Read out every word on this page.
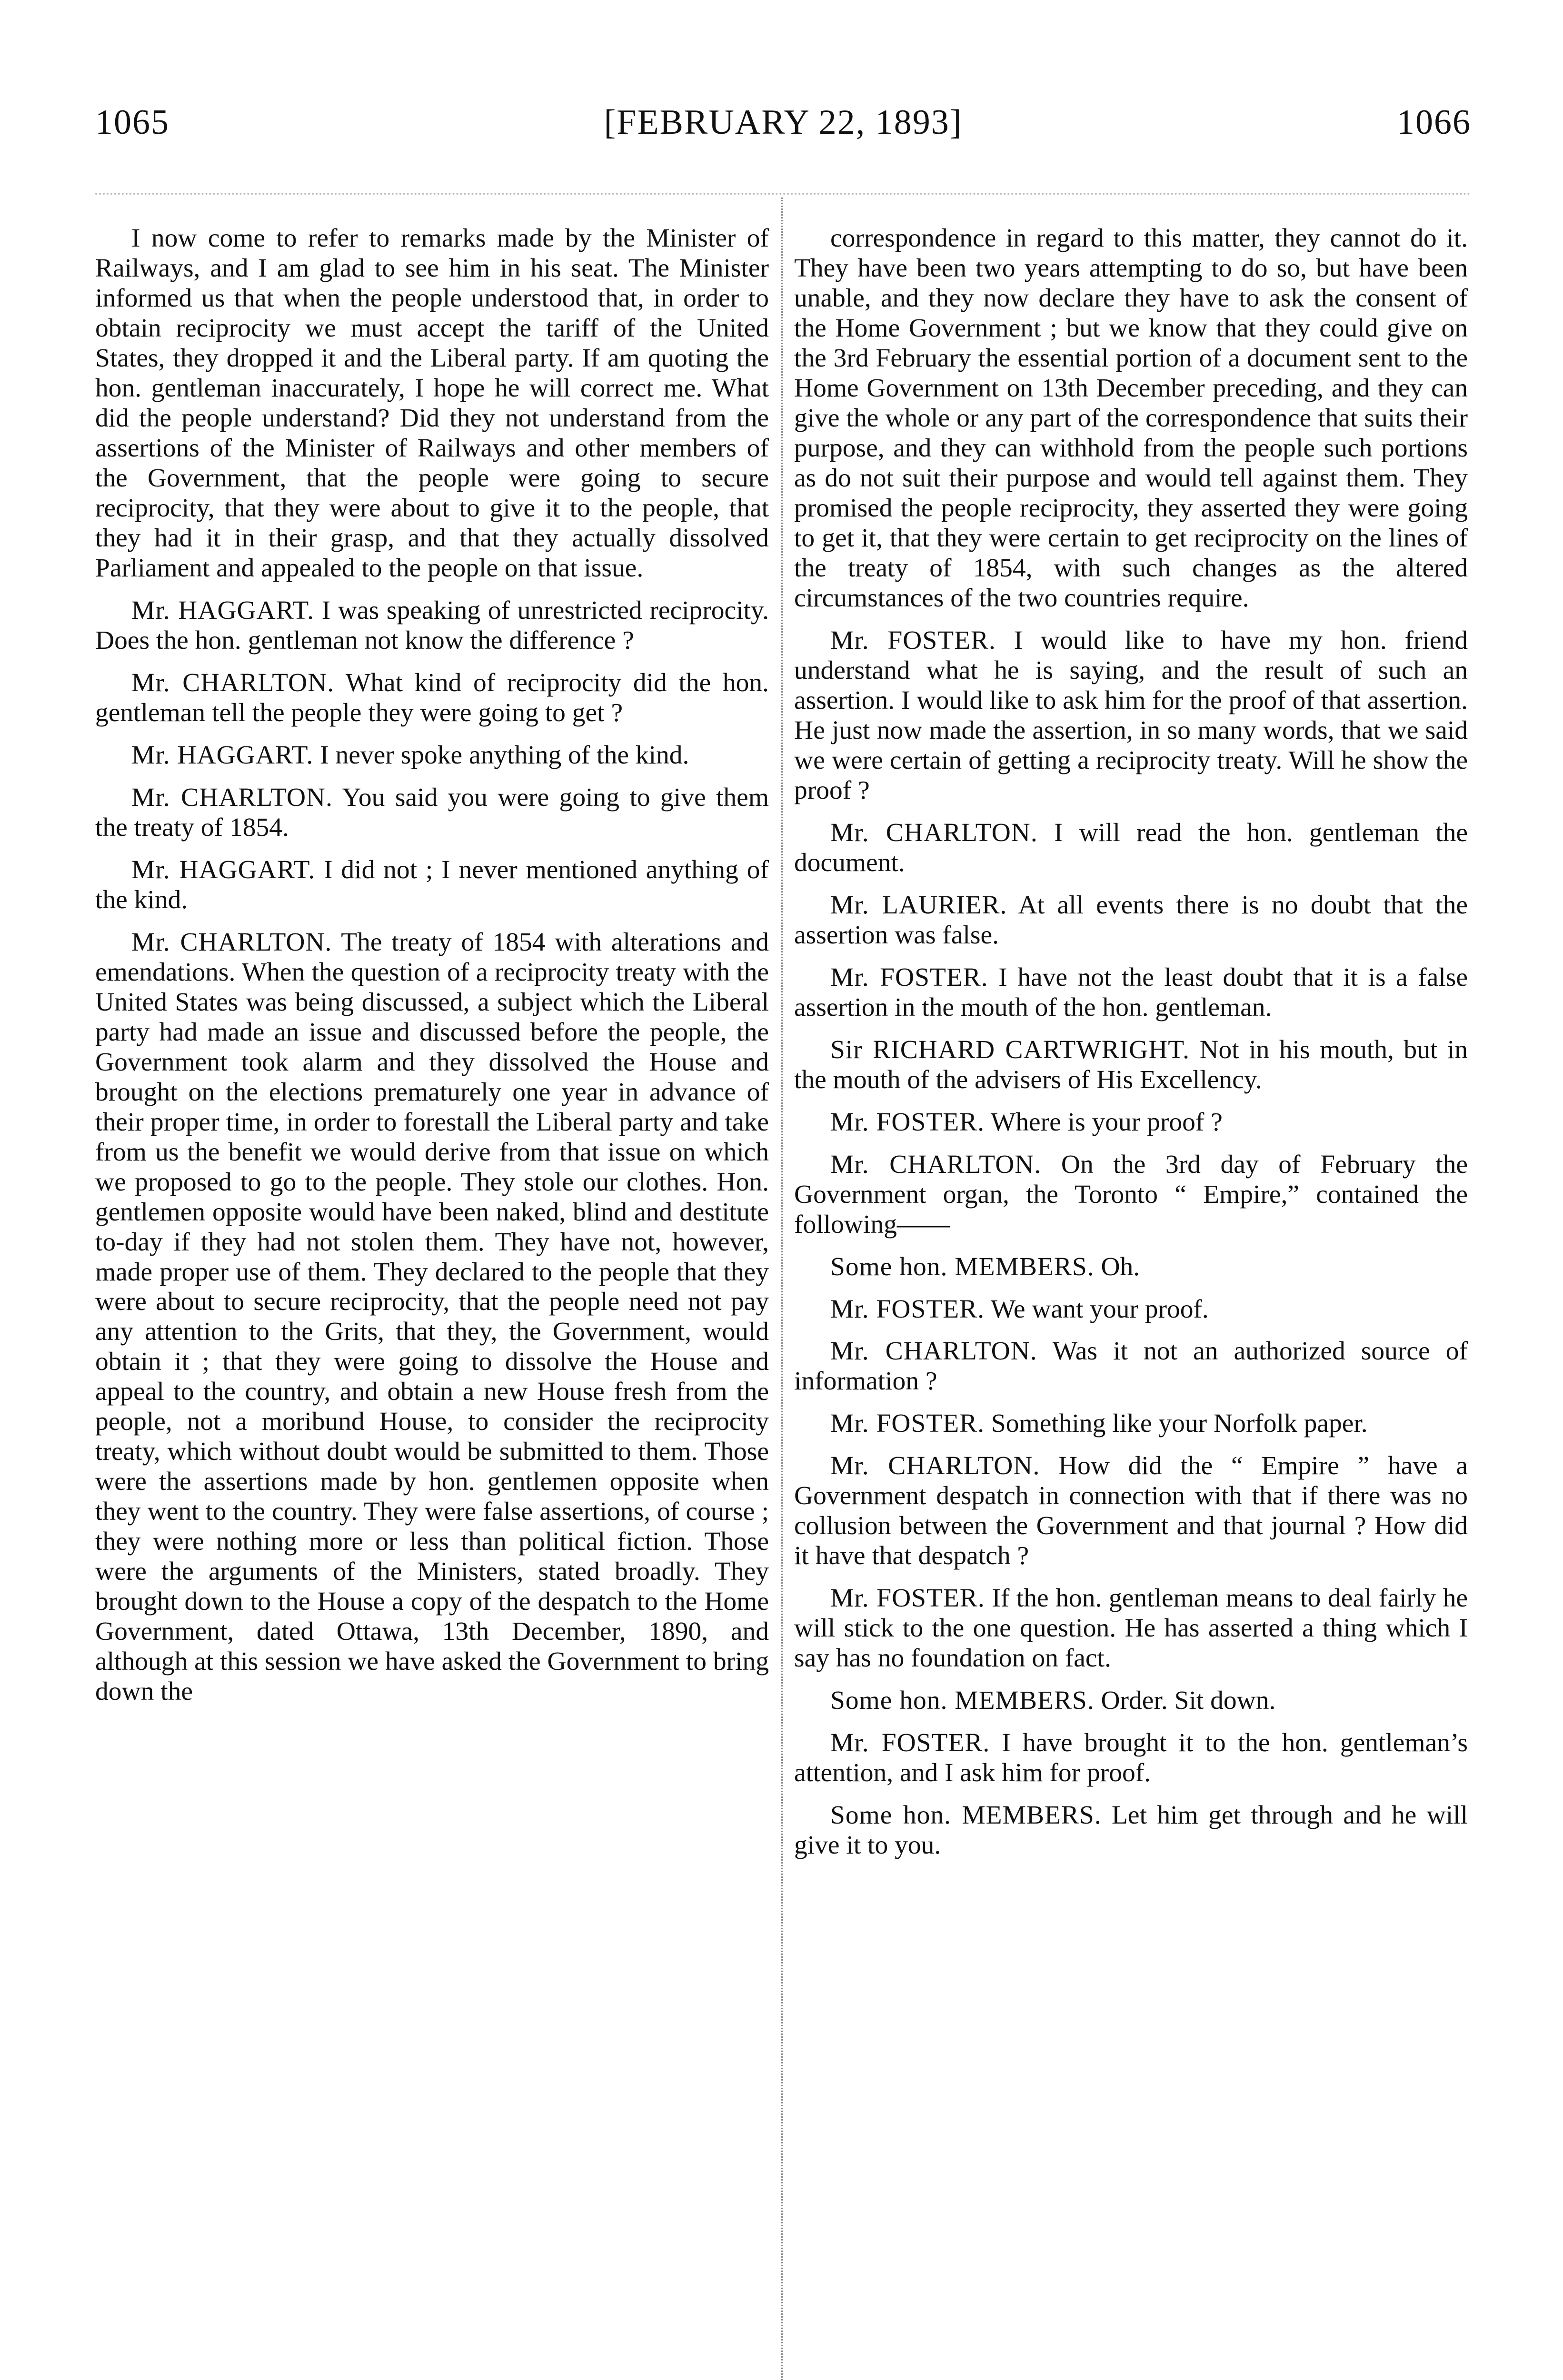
1065	[FEBRUARY 22, 1893]	1066

I now come to refer to remarks made by the Minister of Railways, and I am glad to see him in his seat. The Minister informed us that when the people understood that, in order to obtain reciprocity we must accept the tariff of the United States, they dropped it and the Liberal party. If am quoting the hon. gentleman inaccurately, I hope he will correct me. What did the people understand? Did they not understand from the assertions of the Minister of Railways and other members of the Government, that the people were going to secure reciprocity, that they were about to give it to the people, that they had it in their grasp, and that they actually dissolved Parliament and appealed to the people on that issue.

Mr. HAGGART. I was speaking of unrestricted reciprocity. Does the hon. gentleman not know the difference ?

Mr. CHARLTON. What kind of reciprocity did the hon. gentleman tell the people they were going to get ?

Mr. HAGGART. I never spoke anything of the kind.

Mr. CHARLTON. You said you were going to give them the treaty of 1854.

Mr. HAGGART. I did not ; I never mentioned anything of the kind.

Mr. CHARLTON. The treaty of 1854 with alterations and emendations. When the question of a reciprocity treaty with the United States was being discussed, a subject which the Liberal party had made an issue and discussed before the people, the Government took alarm and they dissolved the House and brought on the elections prematurely one year in advance of their proper time, in order to forestall the Liberal party and take from us the benefit we would derive from that issue on which we proposed to go to the people. They stole our clothes. Hon. gentlemen opposite would have been naked, blind and destitute to-day if they had not stolen them. They have not, however, made proper use of them. They declared to the people that they were about to secure reciprocity, that the people need not pay any attention to the Grits, that they, the Government, would obtain it ; that they were going to dissolve the House and appeal to the country, and obtain a new House fresh from the people, not a moribund House, to consider the reciprocity treaty, which without doubt would be submitted to them. Those were the assertions made by hon. gentlemen opposite when they went to the country. They were false assertions, of course ; they were nothing more or less than political fiction. Those were the arguments of the Ministers, stated broadly. They brought down to the House a copy of the despatch to the Home Government, dated Ottawa, 13th December, 1890, and although at this session we have asked the Government to bring down the

correspondence in regard to this matter, they cannot do it. They have been two years attempting to do so, but have been unable, and they now declare they have to ask the consent of the Home Government ; but we know that they could give on the 3rd February the essential portion of a document sent to the Home Government on 13th December preceding, and they can give the whole or any part of the correspondence that suits their purpose, and they can withhold from the people such portions as do not suit their purpose and would tell against them. They promised the people reciprocity, they asserted they were going to get it, that they were certain to get reciprocity on the lines of the treaty of 1854, with such changes as the altered circumstances of the two countries require.

Mr. FOSTER. I would like to have my hon. friend understand what he is saying, and the result of such an assertion. I would like to ask him for the proof of that assertion. He just now made the assertion, in so many words, that we said we were certain of getting a reciprocity treaty. Will he show the proof ?

Mr. CHARLTON. I will read the hon. gentleman the document.

Mr. LAURIER. At all events there is no doubt that the assertion was false.

Mr. FOSTER. I have not the least doubt that it is a false assertion in the mouth of the hon. gentleman.

Sir RICHARD CARTWRIGHT. Not in his mouth, but in the mouth of the advisers of His Excellency.

Mr. FOSTER. Where is your proof ?

Mr. CHARLTON. On the 3rd day of February the Government organ, the Toronto “ Empire,” contained the following——

Some hon. MEMBERS. Oh.

Mr. FOSTER. We want your proof.

Mr. CHARLTON. Was it not an authorized source of information ?

Mr. FOSTER. Something like your Norfolk paper.

Mr. CHARLTON. How did the “ Empire ” have a Government despatch in connection with that if there was no collusion between the Government and that journal ? How did it have that despatch ?

Mr. FOSTER. If the hon. gentleman means to deal fairly he will stick to the one question. He has asserted a thing which I say has no foundation on fact.

Some hon. MEMBERS. Order. Sit down.

Mr. FOSTER. I have brought it to the hon. gentleman’s attention, and I ask him for proof.

Some hon. MEMBERS. Let him get through and he will give it to you.
